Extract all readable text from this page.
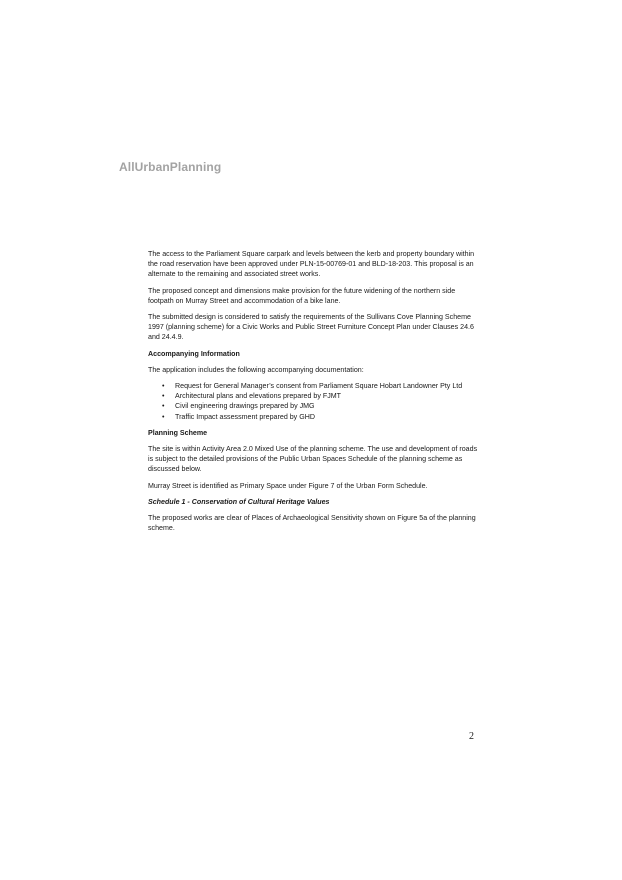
AllUrbanPlanning

The access to the Parliament Square carpark and levels between the kerb and property boundary within the road reservation have been approved under PLN-15-00769-01 and BLD-18-203. This proposal is an alternate to the remaining and associated street works.

The proposed concept and dimensions make provision for the future widening of the northern side footpath on Murray Street and accommodation of a bike lane.

The submitted design is considered to satisfy the requirements of the Sullivans Cove Planning Scheme 1997 (planning scheme) for a Civic Works and Public Street Furniture Concept Plan under Clauses 24.6 and 24.4.9.

Accompanying Information

The application includes the following accompanying documentation:

• Request for General Manager’s consent from Parliament Square Hobart Landowner Pty Ltd
• Architectural plans and elevations prepared by FJMT
• Civil engineering drawings prepared by JMG
• Traffic Impact assessment prepared by GHD
Planning Scheme

The site is within Activity Area 2.0 Mixed Use of the planning scheme. The use and development of roads is subject to the detailed provisions of the Public Urban Spaces Schedule of the planning scheme as discussed below.

Murray Street is identified as Primary Space under Figure 7 of the Urban Form Schedule.

Schedule 1 - Conservation of Cultural Heritage Values

The proposed works are clear of Places of Archaeological Sensitivity shown on Figure 5a of the planning scheme.

2
